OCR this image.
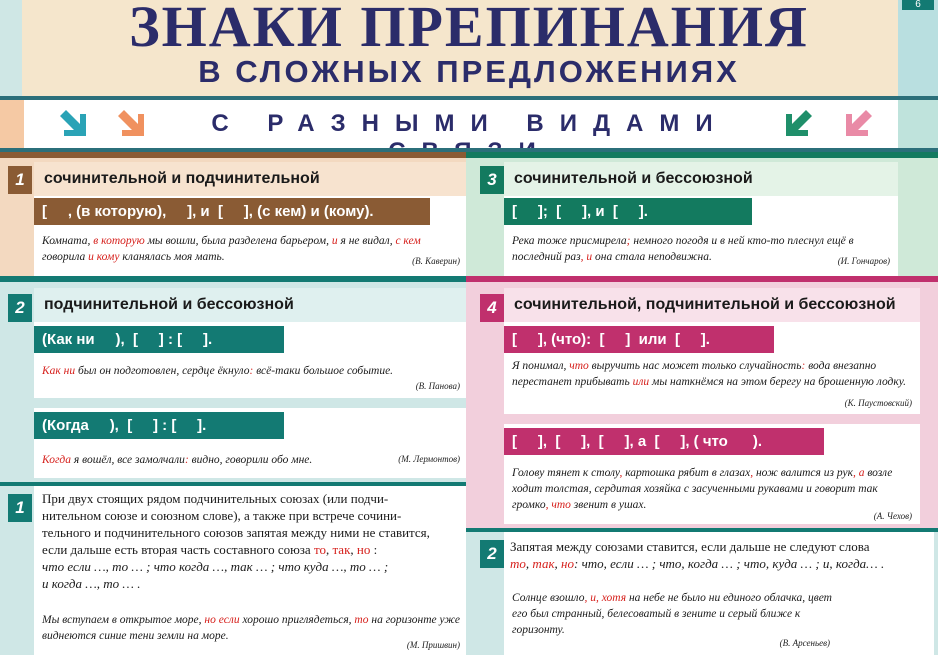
6
ЗНАКИ ПРЕПИНАНИЯ
В СЛОЖНЫХ ПРЕДЛОЖЕНИЯХ
С РАЗНЫМИ ВИДАМИ
1	сочинительной и подчинительной
[     , (в которую),     ], и  [     ], (с кем) и (кому).
Комната, в которую мы вошли, была разделена барьером, и я не видал, с кем говорила и кому кланялась моя мать.	(В. Каверин)
3	сочинительной и бессоюзной
[     ];  [     ], и  [     ].
Река тоже присмирела; немного погодя и в ней кто-то плеснул ещё в последний раз, и она стала неподвижна.	(И. Гончаров)
2	подчинительной и бессоюзной
(Как ни     ),  [     ] : [     ].
Как ни был он подготовлен, сердце ёкнуло: всё-таки большое событие.
(В. Панова)
(Когда     ),  [     ] : [     ].
Когда я вошёл, все замолчали: видно, говорили обо мне.	(М. Лермонтов)
4	сочинительной, подчинительной и бессоюзной
[     ], (что):  [     ]  или  [     ].
Я понимал, что выручить нас может только случайность: вода внезапно перестанет прибывать или мы наткнёмся на этом берегу на брошенную лодку.
(К. Паустовский)
[     ],  [     ],  [     ], а  [     ], ( что      ).
Голову тянет к столу, картошка рябит в глазах, нож валится из рук, а возле ходит толстая, сердитая хозяйка с засученными рукавами и говорит так громко, что звенит в ушах.
(А. Чехов)
1	При двух стоящих рядом подчинительных союзах (или подчи-
нительном союзе и союзном слове), а также при встрече сочини-
тельного и подчинительного союзов запятая между ними не ставится,
если дальше есть вторая часть составного союза то, так, но :
что если …, то … ; что когда …, так … ; что куда …, то … ;
и когда …, то … .
Мы вступаем в открытое море, но если хорошо приглядеться, то на горизонте уже виднеются синие тени земли на море.
(М. Пришвин)
2	Запятая между союзами ставится, если дальше не следуют слова
то, так, но: что, если … ; что, когда … ; что, куда … ; и, когда… .
Солнце взошло, и, хотя на небе не было ни единого облачка, цвет его был странный, белесоватый в зените и серый ближе к горизонту.
(В. Арсеньев)
